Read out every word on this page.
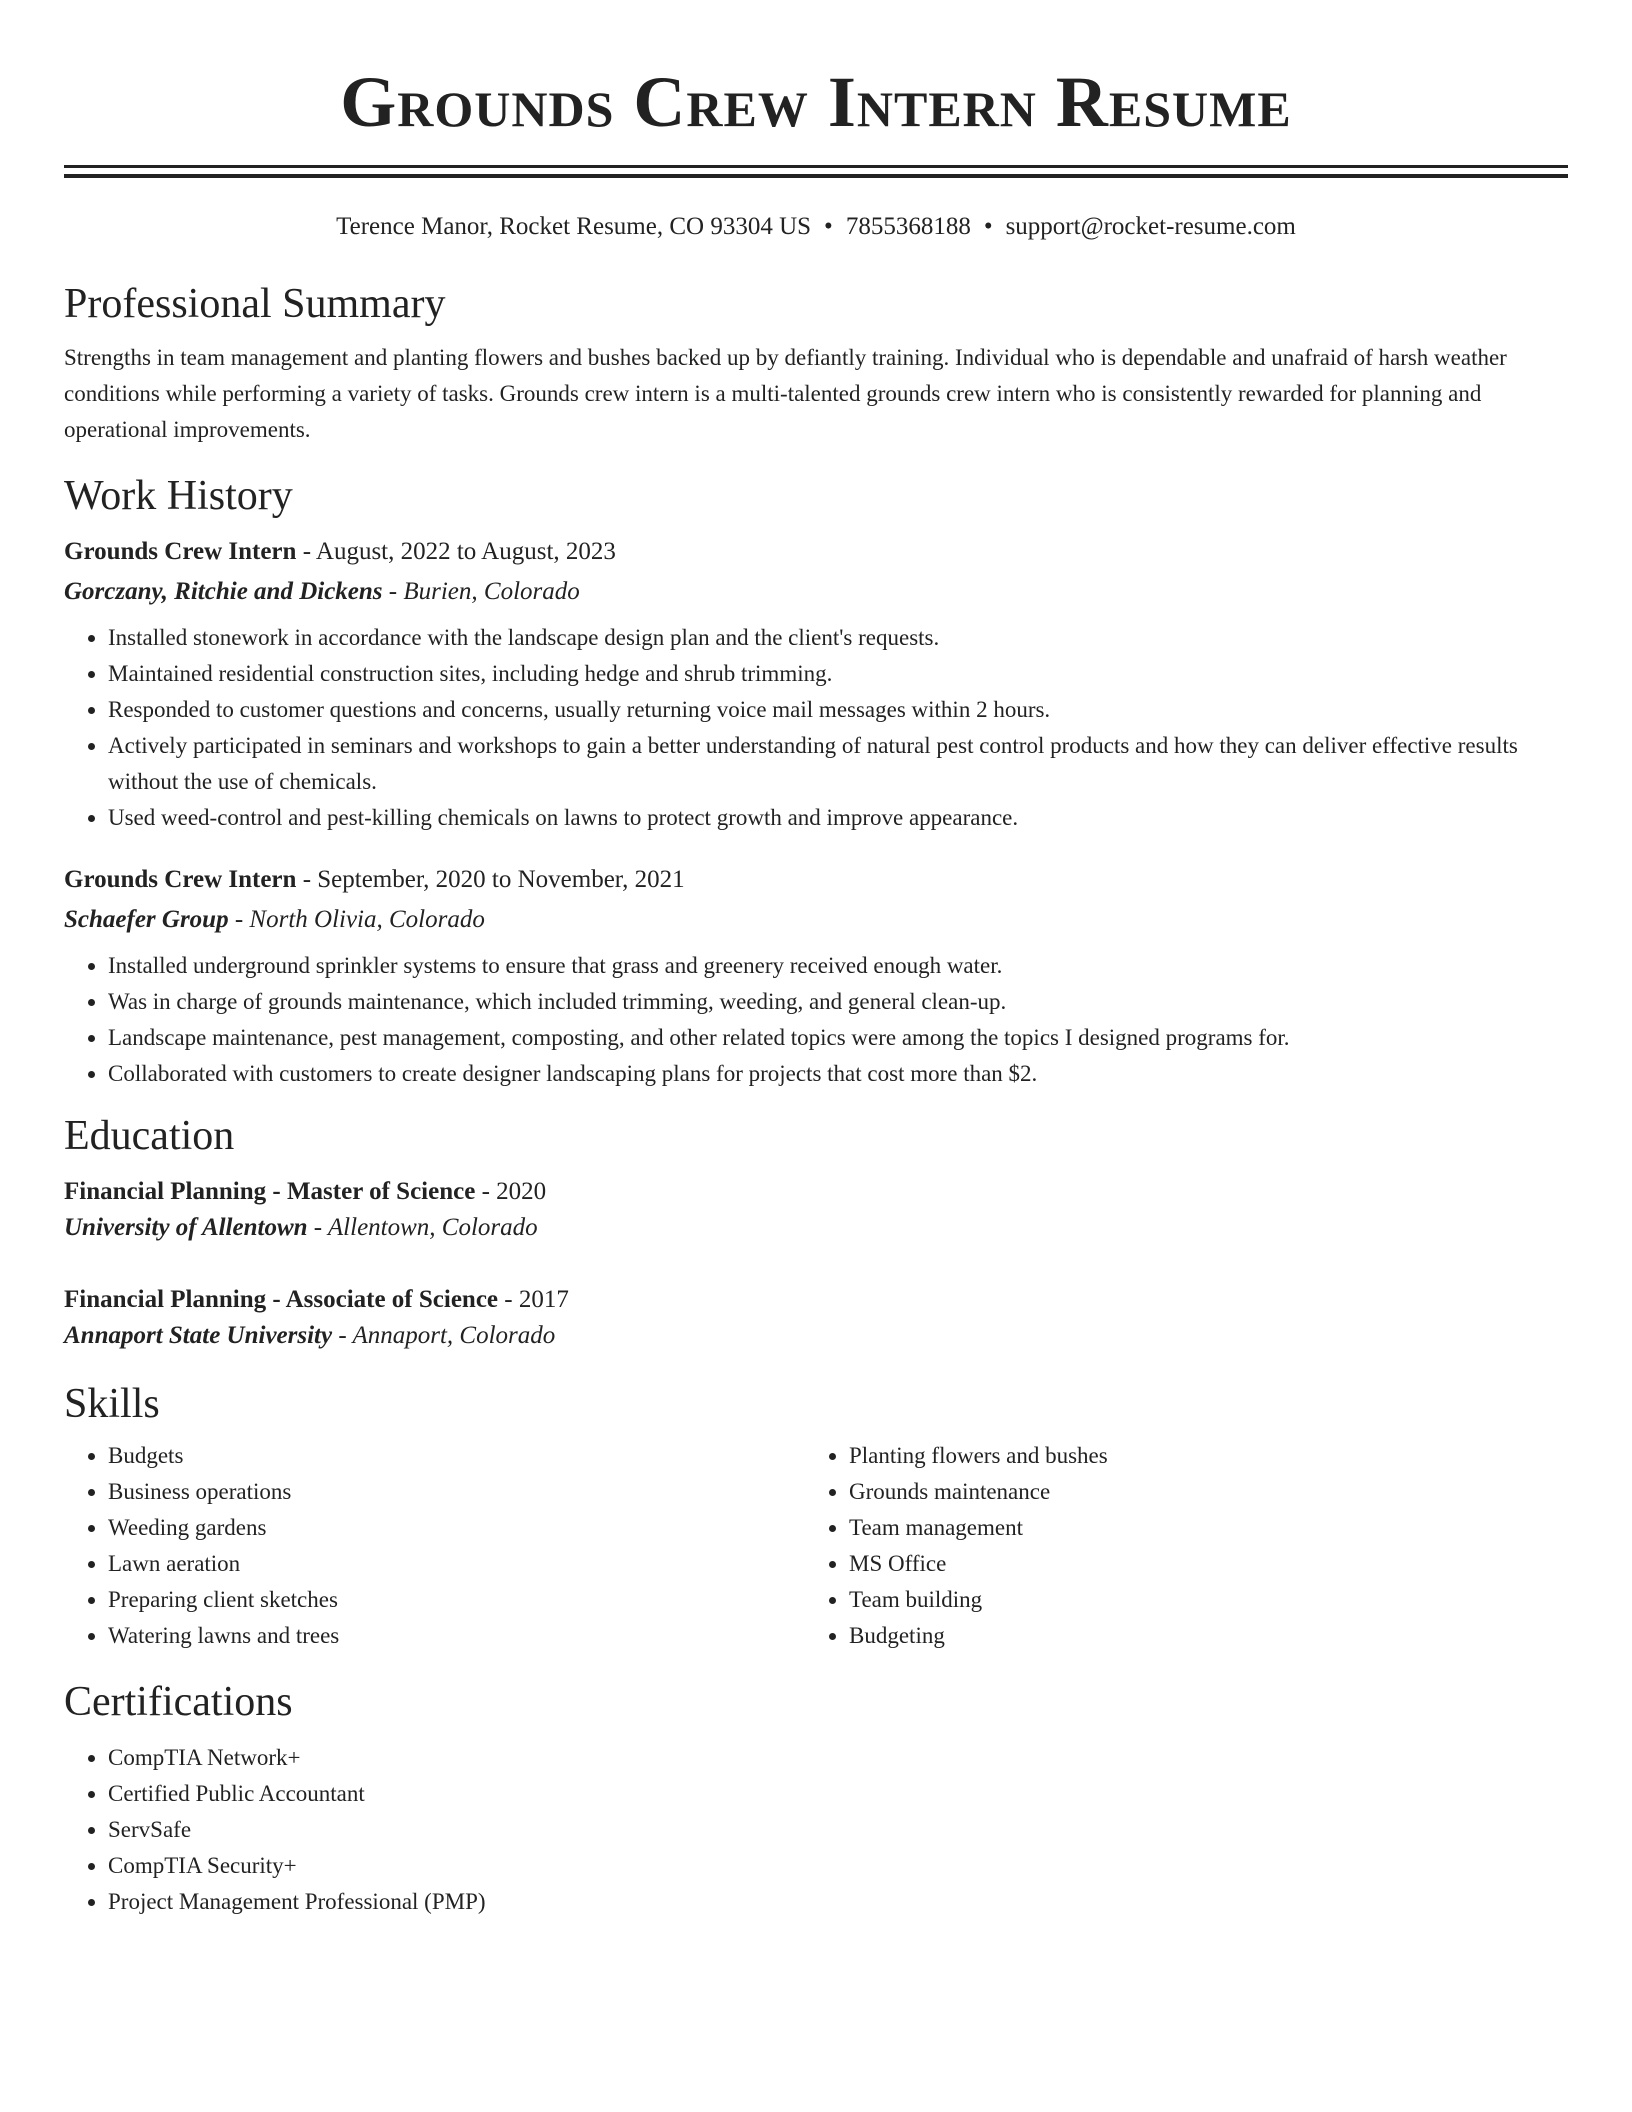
Grounds Crew Intern Resume
Terence Manor, Rocket Resume, CO 93304 US • 7855368188 • support@rocket-resume.com
Professional Summary

Strengths in team management and planting flowers and bushes backed up by defiantly training. Individual who is dependable and unafraid of harsh weather conditions while performing a variety of tasks. Grounds crew intern is a multi-talented grounds crew intern who is consistently rewarded for planning and operational improvements.

Work History
Grounds Crew Intern - August, 2022 to August, 2023
Gorczany, Ritchie and Dickens - Burien, Colorado
• Installed stonework in accordance with the landscape design plan and the client's requests.
• Maintained residential construction sites, including hedge and shrub trimming.
• Responded to customer questions and concerns, usually returning voice mail messages within 2 hours.
• Actively participated in seminars and workshops to gain a better understanding of natural pest control products and how they can deliver effective results without the use of chemicals.
• Used weed-control and pest-killing chemicals on lawns to protect growth and improve appearance.
Grounds Crew Intern - September, 2020 to November, 2021
Schaefer Group - North Olivia, Colorado
• Installed underground sprinkler systems to ensure that grass and greenery received enough water.
• Was in charge of grounds maintenance, which included trimming, weeding, and general clean-up.
• Landscape maintenance, pest management, composting, and other related topics were among the topics I designed programs for.
• Collaborated with customers to create designer landscaping plans for projects that cost more than $2.
Education
Financial Planning - Master of Science - 2020
University of Allentown - Allentown, Colorado
Financial Planning - Associate of Science - 2017
Annaport State University - Annaport, Colorado
Skills
• Budgets
• Business operations
• Weeding gardens
• Lawn aeration
• Preparing client sketches
• Watering lawns and trees
• Planting flowers and bushes
• Grounds maintenance
• Team management
• MS Office
• Team building
• Budgeting
Certifications
• CompTIA Network+
• Certified Public Accountant
• ServSafe
• CompTIA Security+
• Project Management Professional (PMP)
